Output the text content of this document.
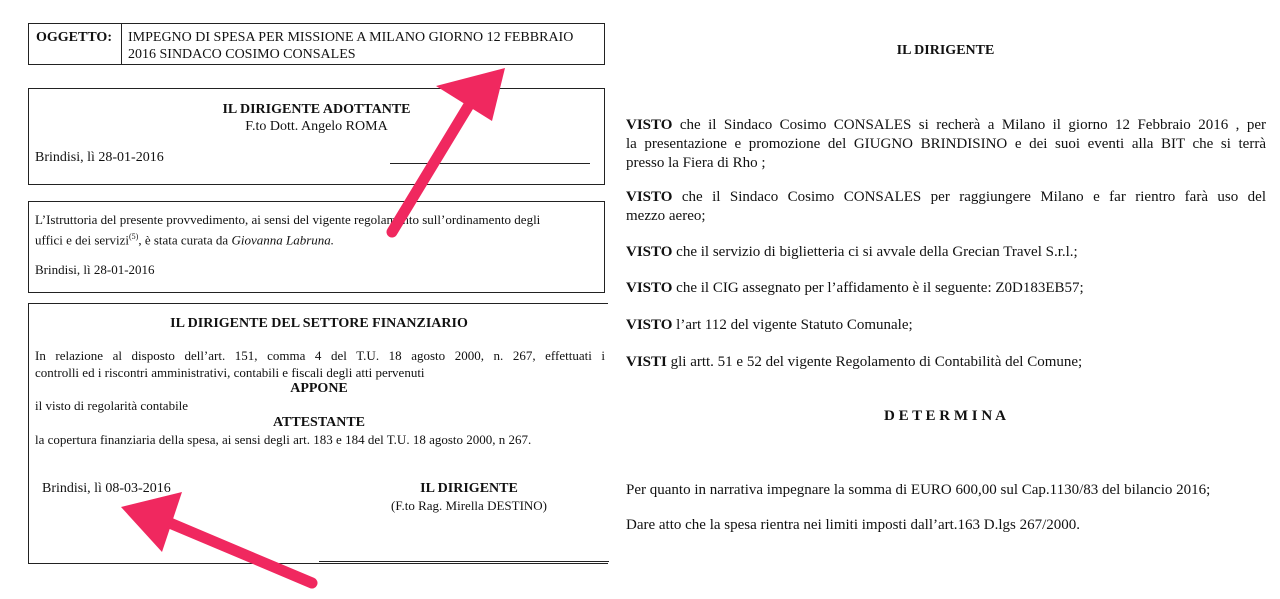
OGGETTO:	IMPEGNO DI SPESA PER MISSIONE A MILANO GIORNO 12 FEBBRAIO
2016 SINDACO COSIMO CONSALES
IL DIRIGENTE ADOTTANTE
F.to Dott. Angelo ROMA
Brindisi, lì 28-01-2016
L’Istruttoria del presente provvedimento, ai sensi del vigente regolamento sull’ordinamento degli
uffici e dei servizi$^{(5)}$, è stata curata da Giovanna Labruna.
Brindisi, lì 28-01-2016
IL DIRIGENTE DEL SETTORE FINANZIARIO
In relazione al disposto dell’art. 151, comma 4 del T.U. 18 agosto 2000, n. 267, effettuati i
controlli ed i riscontri amministrativi, contabili e fiscali degli atti pervenuti
APPONE
il visto di regolarità contabile
ATTESTANTE
la copertura finanziaria della spesa, ai sensi degli art. 183 e 184 del T.U. 18 agosto 2000, n 267.
Brindisi, lì 08-03-2016	IL DIRIGENTE
(F.to Rag. Mirella DESTINO)
IL DIRIGENTE

VISTO che il Sindaco Cosimo CONSALES si recherà a Milano il giorno 12 Febbraio 2016 , per
la presentazione e promozione del GIUGNO BRINDISINO e dei suoi eventi alla BIT che si terrà
presso la Fiera di Rho ;

VISTO che il Sindaco Cosimo CONSALES per raggiungere Milano e far rientro farà uso del
mezzo aereo;

VISTO che il servizio di biglietteria ci si avvale della Grecian Travel S.r.l.;

VISTO che il CIG assegnato per l’affidamento è il seguente: Z0D183EB57;

VISTO l’art 112 del vigente Statuto Comunale;

VISTI gli artt. 51 e 52 del vigente Regolamento di Contabilità del Comune;

D E T E R M I N A

Per quanto in narrativa impegnare la somma di EURO 600,00 sul Cap.1130/83 del bilancio 2016;

Dare atto che la spesa rientra nei limiti imposti dall’art.163 D.lgs 267/2000.
